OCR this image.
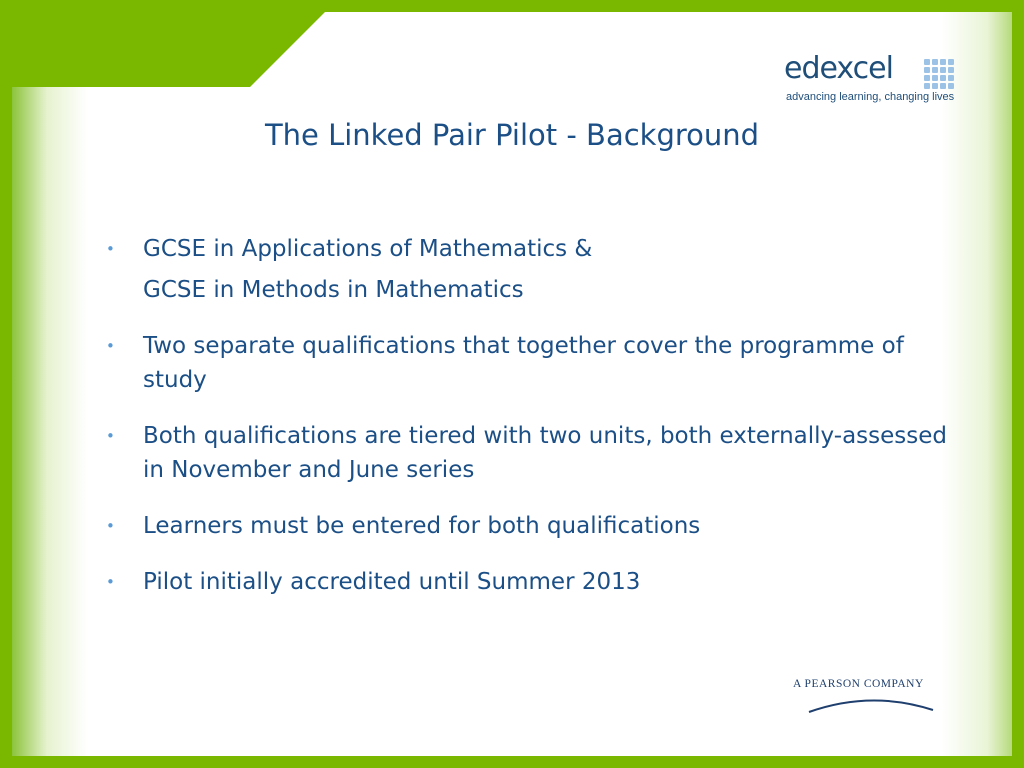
edexcel
advancing learning, changing lives
The Linked Pair Pilot - Background
• GCSE in Applications of Mathematics &
GCSE in Methods in Mathematics
• Two separate qualifications that together cover the programme of study
• Both qualifications are tiered with two units, both externally-assessed in November and June series
• Learners must be entered for both qualifications
• Pilot initially accredited until Summer 2013
A PEARSON COMPANY
